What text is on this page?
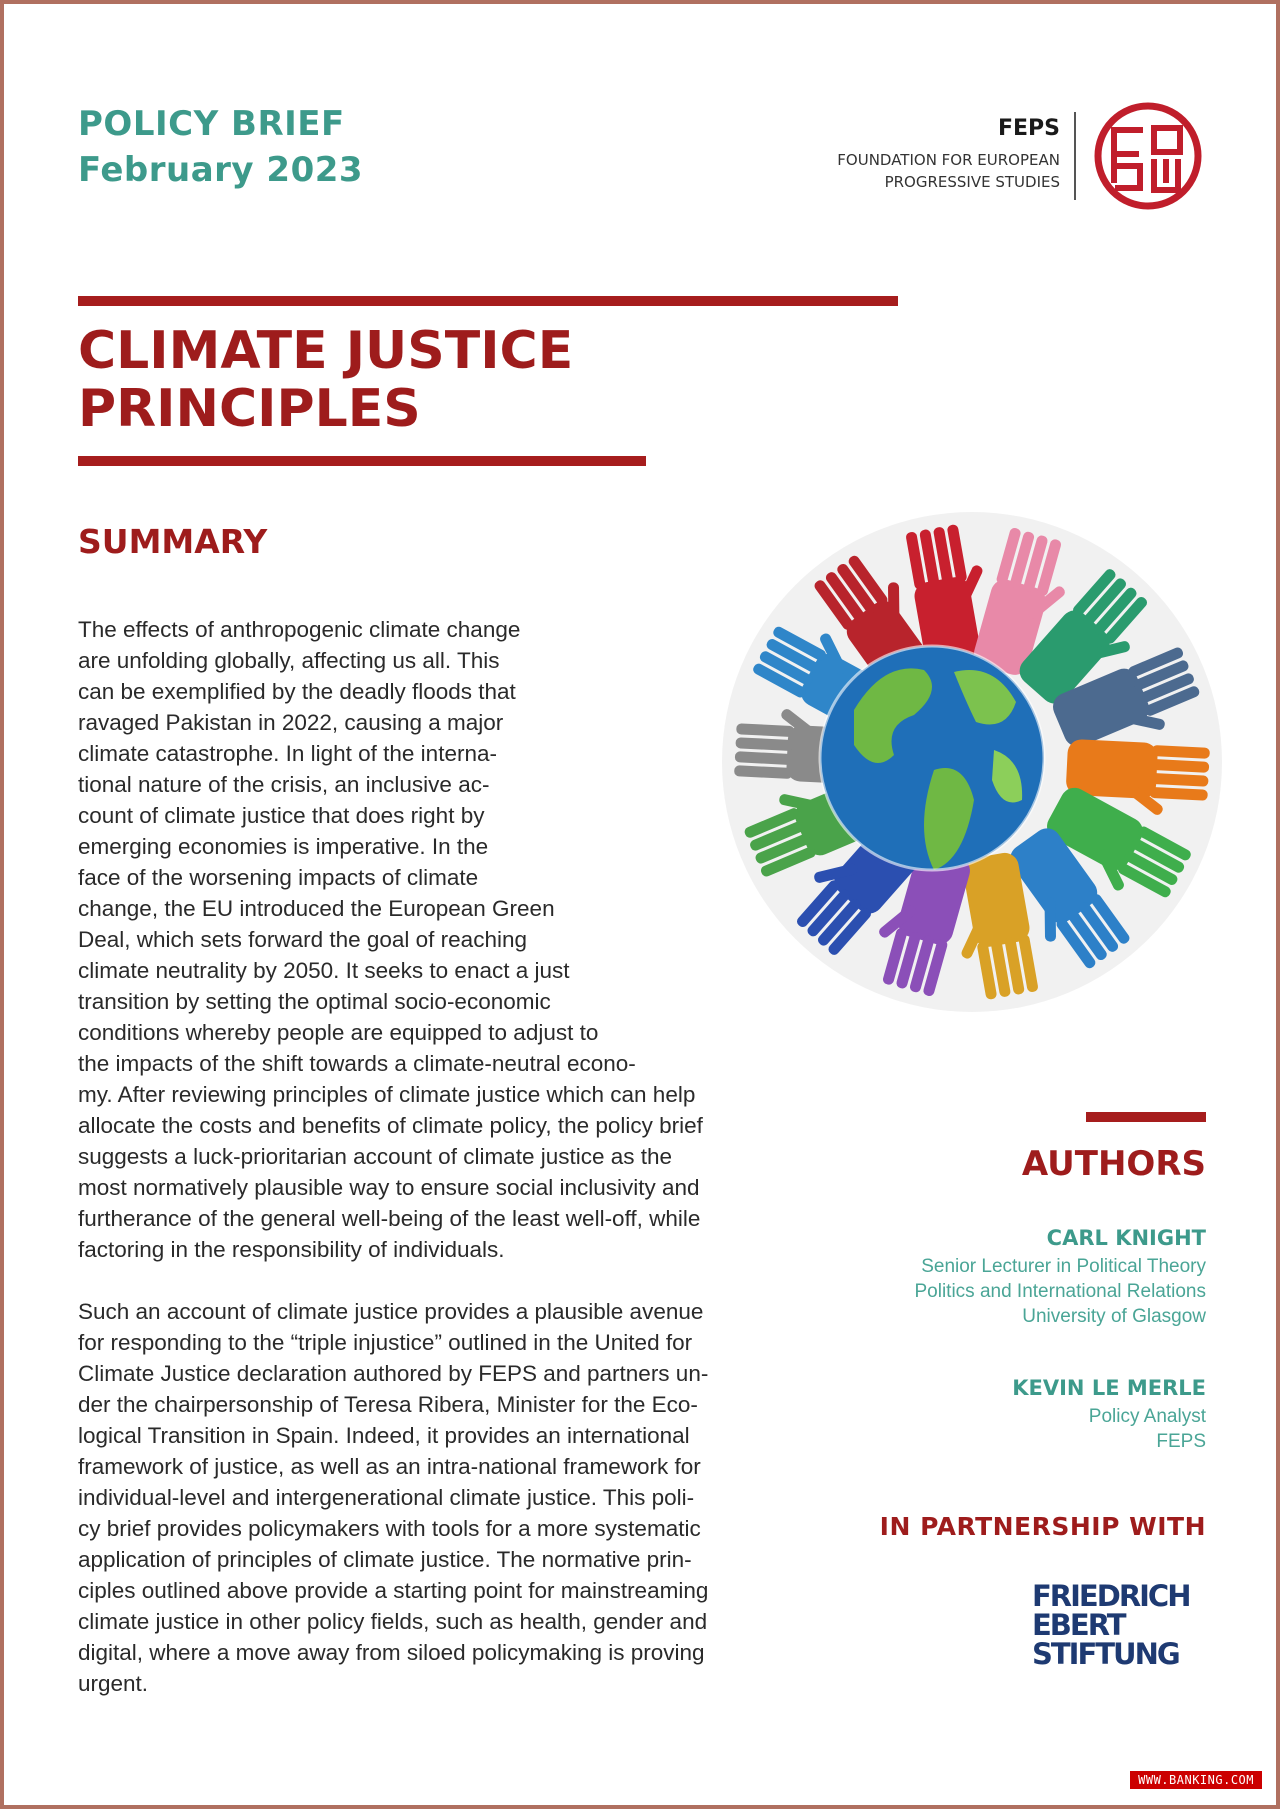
POLICY BRIEF
February 2023
FEPS
FOUNDATION FOR EUROPEAN
PROGRESSIVE STUDIES
CLIMATE JUSTICE
PRINCIPLES
SUMMARY

The effects of anthropogenic climate change
are unfolding globally, affecting us all. This
can be exemplified by the deadly floods that
ravaged Pakistan in 2022, causing a major
climate catastrophe. In light of the interna-
tional nature of the crisis, an inclusive ac-
count of climate justice that does right by
emerging economies is imperative. In the
face of the worsening impacts of climate
change, the EU introduced the European Green
Deal, which sets forward the goal of reaching
climate neutrality by 2050. It seeks to enact a just
transition by setting the optimal socio-economic
conditions whereby people are equipped to adjust to
the impacts of the shift towards a climate-neutral econo-
my. After reviewing principles of climate justice which can help
allocate the costs and benefits of climate policy, the policy brief
suggests a luck-prioritarian account of climate justice as the
most normatively plausible way to ensure social inclusivity and
furtherance of the general well-being of the least well-off, while
factoring in the responsibility of individuals.

Such an account of climate justice provides a plausible avenue
for responding to the “triple injustice” outlined in the United for
Climate Justice declaration authored by FEPS and partners un-
der the chairpersonship of Teresa Ribera, Minister for the Eco-
logical Transition in Spain. Indeed, it provides an international
framework of justice, as well as an intra-national framework for
individual-level and intergenerational climate justice. This poli-
cy brief provides policymakers with tools for a more systematic
application of principles of climate justice. The normative prin-
ciples outlined above provide a starting point for mainstreaming
climate justice in other policy fields, such as health, gender and
digital, where a move away from siloed policymaking is proving
urgent.

AUTHORS
CARL KNIGHT
Senior Lecturer in Political Theory
Politics and International Relations
University of Glasgow
KEVIN LE MERLE
Policy Analyst
FEPS
IN PARTNERSHIP WITH
FRIEDRICH
EBERT
STIFTUNG
WWW.BANKING.COM
